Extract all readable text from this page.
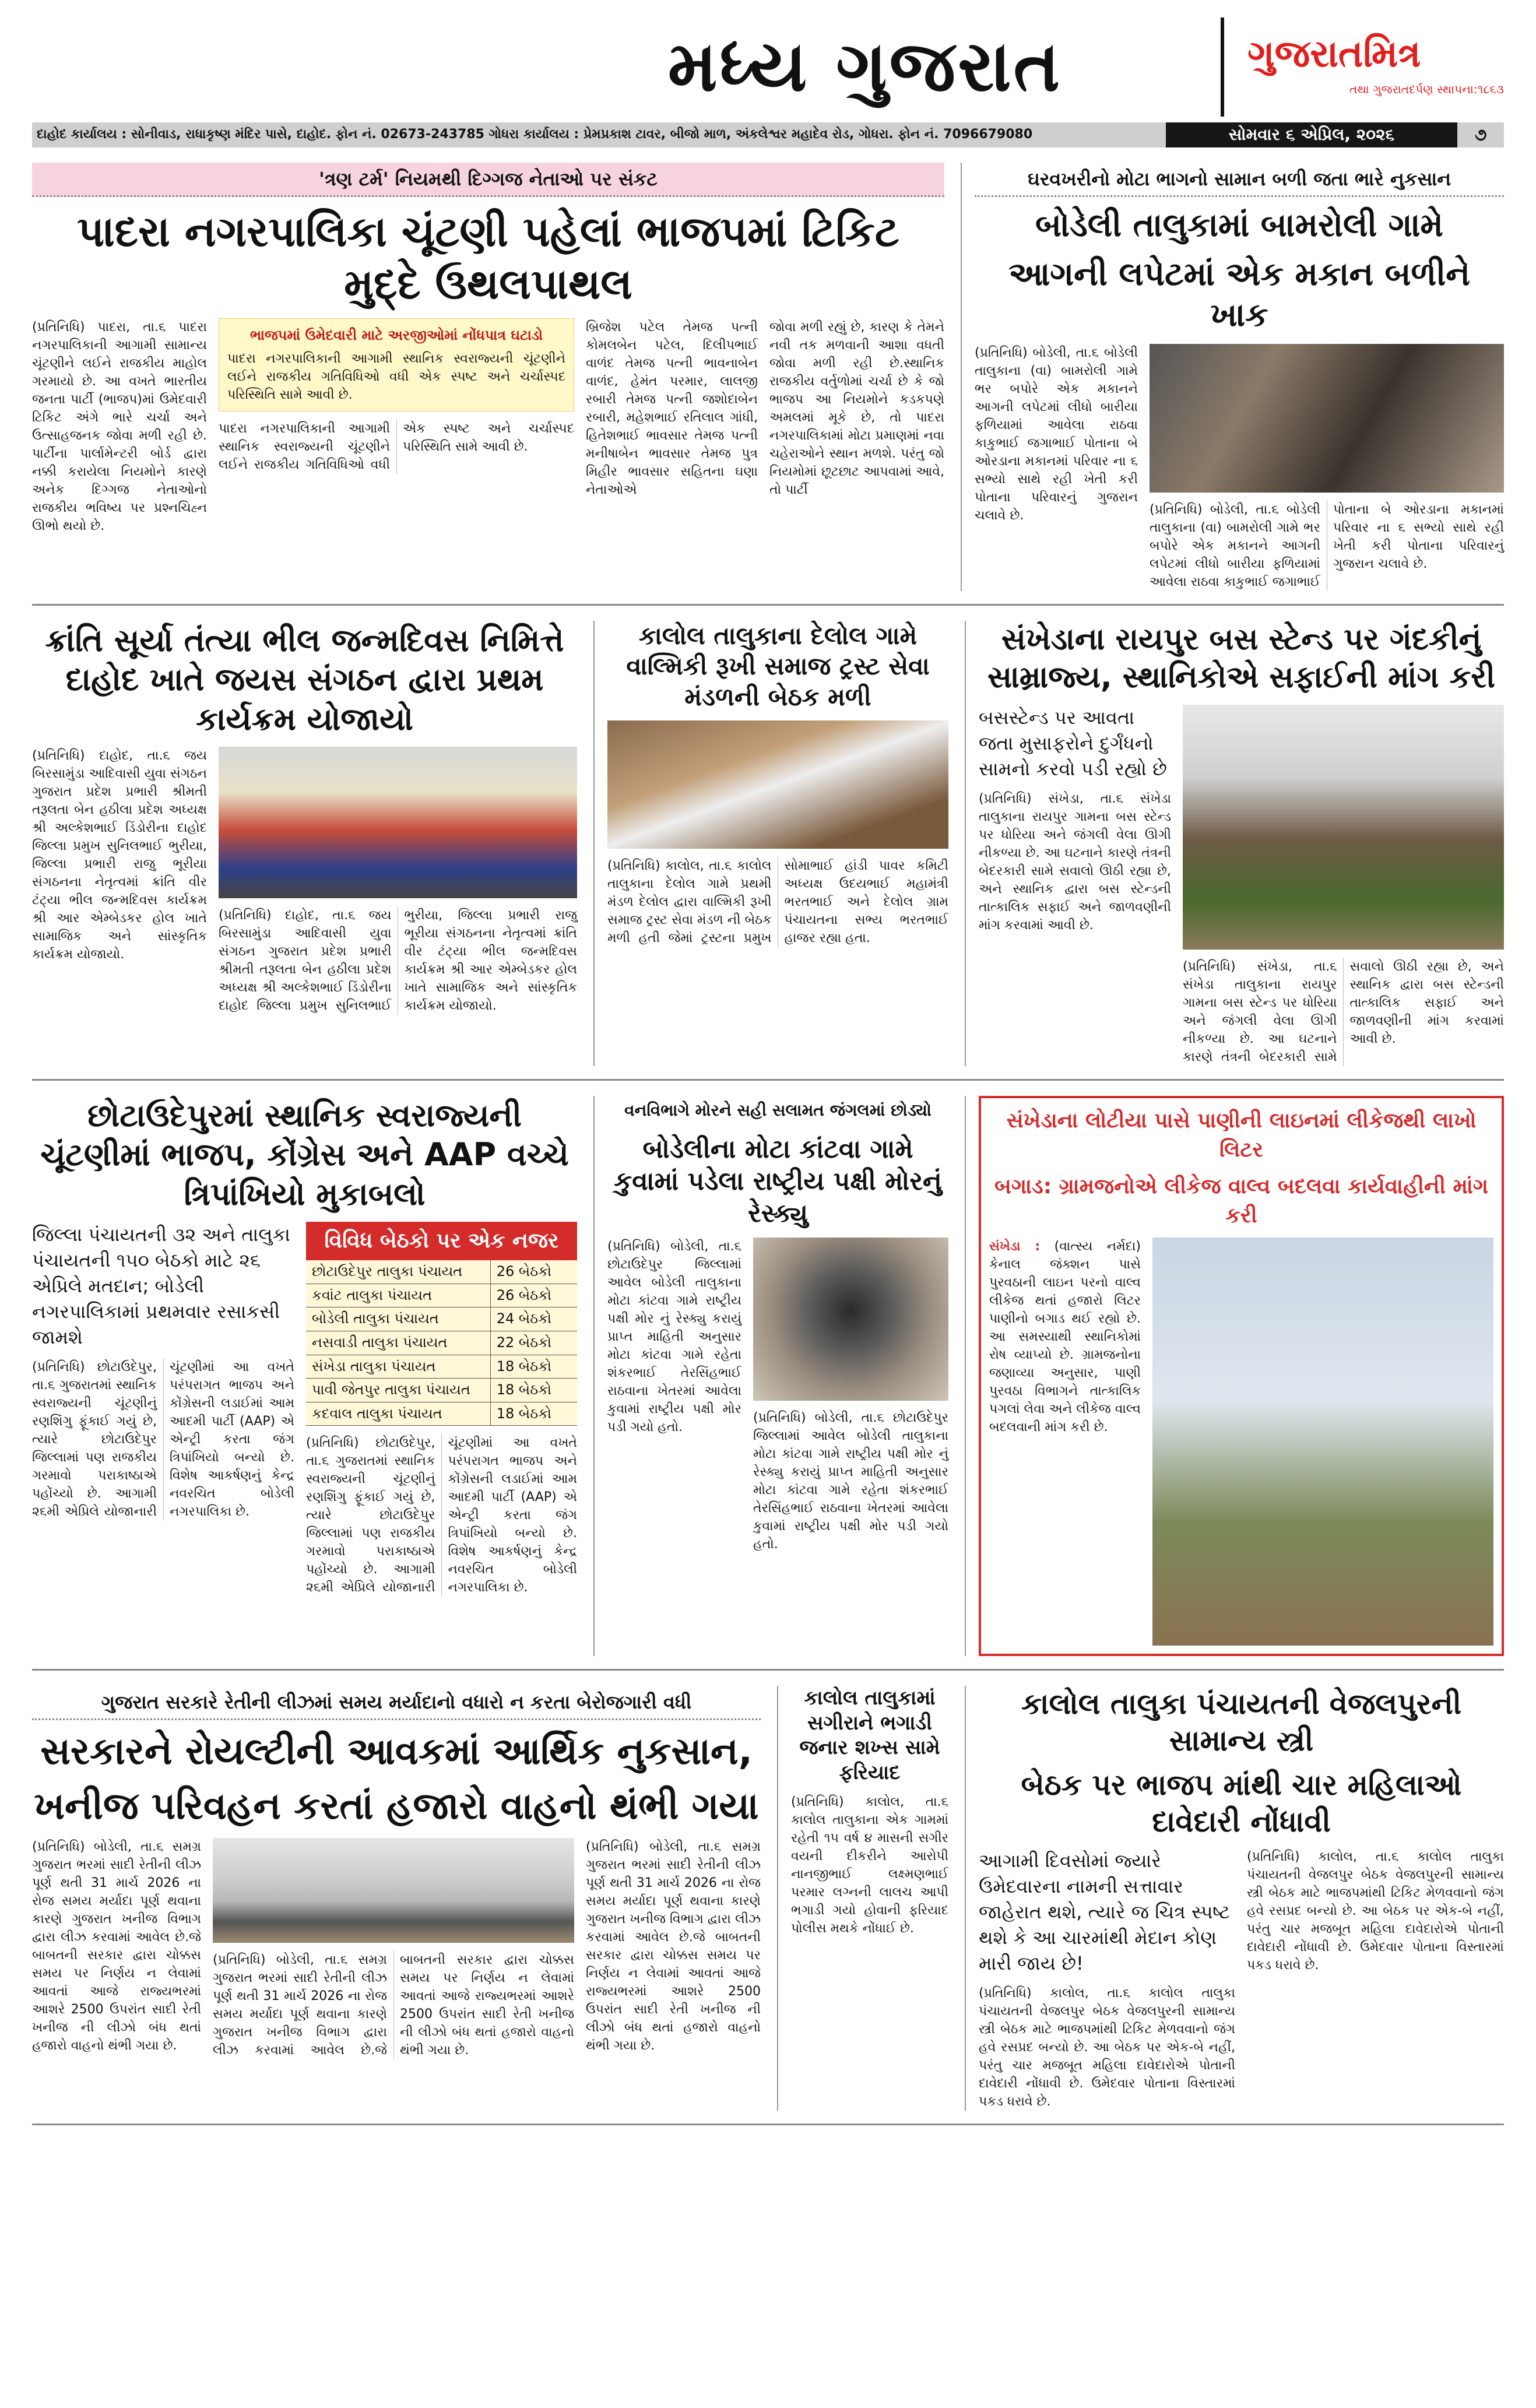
મધ્ય ગુજરાત	ગુજરાતમિત્ર
તથા ગુજરાતદર્પણ સ્થાપના:૧૮૬૩
દાહોદ કાર્યાલય : સોનીવાડ, રાધાકૃષ્ણ મંદિર પાસે, દાહોદ. ફોન નં. 02673-243785 ગોધરા કાર્યાલય : પ્રેમપ્રકાશ ટાવર, બીજો માળ, અંકલેશ્વર મહાદેવ રોડ, ગોધરા. ફોન નં. 7096679080	સોમવાર ૬ એપ્રિલ, ૨૦૨૬	૭
'ત્રણ ટર્મ' નિયમથી દિગ્ગજ નેતાઓ પર સંકટ
પાદરા નગરપાલિકા ચૂંટણી પહેલાં ભાજપમાં ટિકિટ મુદ્દે ઉથલપાથલ
(પ્રતિનિધિ) પાદરા, તા.૬ પાદરા નગરપાલિકાની આગામી સામાન્ય ચૂંટણીને લઈને રાજકીય માહોલ ગરમાયો છે. આ વખતે ભારતીય જનતા પાર્ટી (ભાજપ)માં ઉમેદવારી ટિકિટ અંગે ભારે ચર્ચા અને ઉત્સાહજનક જોવા મળી રહી છે. પાર્ટીના પાર્લામેન્ટરી બોર્ડ દ્વારા નક્કી કરાયેલા નિયમોને કારણે અનેક દિગ્ગજ નેતાઓનો રાજકીય ભવિષ્ય પર પ્રશ્નચિહ્ન ઊભો થયો છે.
ભાજપમાં ઉમેદવારી માટે અરજીઓમાં નોંધપાત્ર ઘટાડો
પાદરા નગરપાલિકાની આગામી સ્થાનિક સ્વરાજ્યની ચૂંટણીને લઈને રાજકીય ગતિવિધિઓ વધી એક સ્પષ્ટ અને ચર્ચાસ્પદ પરિસ્થિતિ સામે આવી છે.
પાદરા નગરપાલિકાની આગામી સ્થાનિક સ્વરાજ્યની ચૂંટણીને લઈને રાજકીય ગતિવિધિઓ વધી એક સ્પષ્ટ અને ચર્ચાસ્પદ પરિસ્થિતિ સામે આવી છે.
બ્રિજેશ પટેલ તેમજ પત્ની કોમલબેન પટેલ, દિલીપભાઈ વાળંદ તેમજ પત્ની ભાવનાબેન વાળંદ, હેમંત પરમાર, લાલજી રબારી તેમજ પત્ની જશોદાબેન રબારી, મહેશભાઈ રતિલાલ ગાંધી, હિતેશભાઈ ભાવસાર તેમજ પત્ની મનીષાબેન ભાવસાર તેમજ પુત્ર મિહીર ભાવસાર સહિતના ઘણા નેતાઓએ
જોવા મળી રહ્યું છે, કારણ કે તેમને નવી તક મળવાની આશા વધતી જોવા મળી રહી છે.સ્થાનિક રાજકીય વર્તુળોમાં ચર્ચા છે કે જો ભાજપ આ નિયમોને કડકપણે અમલમાં મૂકે છે, તો પાદરા નગરપાલિકામાં મોટા પ્રમાણમાં નવા ચહેરાઓને સ્થાન મળશે. પરંતુ જો નિયમોમાં છૂટછાટ આપવામાં આવે, તો પાર્ટી
ઘરવખરીનો મોટા ભાગનો સામાન બળી જતા ભારે નુકસાન
બોડેલી તાલુકામાં બામરોલી ગામે
આગની લપેટમાં એક મકાન બળીને ખાક
(પ્રતિનિધિ) બોડેલી, તા.૬ બોડેલી તાલુકાના (વા) બામરોલી ગામે ભર બપોરે એક મકાનને આગની લપેટમાં લીધો બારીયા ફળિયામાં આવેલા રાઠવા કાકુભાઈ જગાભાઈ પોતાના બે ઓરડાના મકાનમાં પરિવાર ના ૬ સભ્યો સાથે રહી ખેતી કરી પોતાના પરિવારનું ગુજરાન ચલાવે છે.	(પ્રતિનિધિ) બોડેલી, તા.૬ બોડેલી તાલુકાના (વા) બામરોલી ગામે ભર બપોરે એક મકાનને આગની લપેટમાં લીધો બારીયા ફળિયામાં આવેલા રાઠવા કાકુભાઈ જગાભાઈ પોતાના બે ઓરડાના મકાનમાં પરિવાર ના ૬ સભ્યો સાથે રહી ખેતી કરી પોતાના પરિવારનું ગુજરાન ચલાવે છે.
ક્રાંતિ સૂર્યા તંત્યા ભીલ જન્મદિવસ નિમિત્તે દાહોદ ખાતે જયસ સંગઠન દ્વારા પ્રથમ કાર્યક્રમ યોજાયો
(પ્રતિનિધિ) દાહોદ, તા.૬ જય બિરસામુંડા આદિવાસી યુવા સંગઠન ગુજરાત પ્રદેશ પ્રભારી શ્રીમતી તરૂલતા બેન હઠીલા પ્રદેશ અધ્યક્ષ શ્રી અલ્કેશભાઈ ડિંડોરીના દાહોદ જિલ્લા પ્રમુખ સુનિલભાઈ ભુરીયા, જિલ્લા પ્રભારી રાજુ ભૂરીયા સંગઠનના નેતૃત્વમાં ક્રાંતિ વીર ટંટ્યા ભીલ જન્મદિવસ કાર્યક્રમ શ્રી આર એમ્બેડકર હોલ ખાતે સામાજિક અને સાંસ્કૃતિક કાર્યક્રમ યોજાયો.
(પ્રતિનિધિ) દાહોદ, તા.૬ જય બિરસામુંડા આદિવાસી યુવા સંગઠન ગુજરાત પ્રદેશ પ્રભારી શ્રીમતી તરૂલતા બેન હઠીલા પ્રદેશ અધ્યક્ષ શ્રી અલ્કેશભાઈ ડિંડોરીના દાહોદ જિલ્લા પ્રમુખ સુનિલભાઈ ભુરીયા, જિલ્લા પ્રભારી રાજુ ભૂરીયા સંગઠનના નેતૃત્વમાં ક્રાંતિ વીર ટંટ્યા ભીલ જન્મદિવસ કાર્યક્રમ શ્રી આર એમ્બેડકર હોલ ખાતે સામાજિક અને સાંસ્કૃતિક કાર્યક્રમ યોજાયો.
કાલોલ તાલુકાના દેલોલ ગામે વાલ્મિકી રૂખી સમાજ ટ્રસ્ટ સેવા મંડળની બેઠક મળી
(પ્રતિનિધિ) કાલોલ, તા.૬ કાલોલ તાલુકાના દેલોલ ગામે પ્રથમી મંડળ દેલોલ દ્વારા વાલ્મિકી રૂખી સમાજ ટ્રસ્ટ સેવા મંડળ ની બેઠક મળી હતી જેમાં ટ્રસ્ટના પ્રમુખ સોમાભાઈ હાંડી પાવર કમિટી અધ્યક્ષ ઉદયભાઈ મહામંત્રી ભરતભાઈ અને દેલોલ ગ્રામ પંચાયતના સભ્ય ભરતભાઈ હાજર રહ્યા હતા.
સંખેડાના રાયપુર બસ સ્ટેન્ડ પર ગંદકીનું સામ્રાજ્ય, સ્થાનિકોએ સફાઈની માંગ કરી
બસસ્ટેન્ડ પર આવતા જતા મુસાફરોને દુર્ગંધનો સામનો કરવો પડી રહ્યો છે
(પ્રતિનિધિ) સંખેડા, તા.૬ સંખેડા તાલુકાના રાયપુર ગામના બસ સ્ટેન્ડ પર ધોરિયા અને જંગલી વેલા ઊગી નીકળ્યા છે. આ ઘટનાને કારણે તંત્રની બેદરકારી સામે સવાલો ઊઠી રહ્યા છે, અને સ્થાનિક દ્વારા બસ સ્ટેન્ડની તાત્કાલિક સફાઈ અને જાળવણીની માંગ કરવામાં આવી છે.
(પ્રતિનિધિ) સંખેડા, તા.૬ સંખેડા તાલુકાના રાયપુર ગામના બસ સ્ટેન્ડ પર ધોરિયા અને જંગલી વેલા ઊગી નીકળ્યા છે. આ ઘટનાને કારણે તંત્રની બેદરકારી સામે સવાલો ઊઠી રહ્યા છે, અને સ્થાનિક દ્વારા બસ સ્ટેન્ડની તાત્કાલિક સફાઈ અને જાળવણીની માંગ કરવામાં આવી છે.
છોટાઉદેપુરમાં સ્થાનિક સ્વરાજ્યની ચૂંટણીમાં ભાજપ, કોંગ્રેસ અને AAP વચ્ચે ત્રિપાંખિયો મુકાબલો
જિલ્લા પંચાયતની ૩૨ અને તાલુકા પંચાયતની ૧૫૦ બેઠકો માટે ૨૬ એપ્રિલે મતદાન; બોડેલી નગરપાલિકામાં પ્રથમવાર રસાકસી જામશે
(પ્રતિનિધિ) છોટાઉદેપુર, તા.૬ ગુજરાતમાં સ્થાનિક સ્વરાજ્યની ચૂંટણીનું રણશિંગુ ફૂંકાઈ ગયું છે, ત્યારે છોટાઉદેપુર જિલ્લામાં પણ રાજકીય ગરમાવો પરાકાષ્ઠાએ પહોંચ્યો છે. આગામી ૨૬મી એપ્રિલે યોજાનારી ચૂંટણીમાં આ વખતે પરંપરાગત ભાજપ અને કોંગ્રેસની લડાઈમાં આમ આદમી પાર્ટી (AAP) એ એન્ટ્રી કરતા જંગ ત્રિપાંખિયો બન્યો છે. વિશેષ આકર્ષણનું કેન્દ્ર નવરચિત બોડેલી નગરપાલિકા છે.
વિવિધ બેઠકો પર એક નજર
છોટાઉદેપુર તાલુકા પંચાયત	26 બેઠકો
કવાંટ તાલુકા પંચાયત	26 બેઠકો
બોડેલી તાલુકા પંચાયત	24 બેઠકો
નસવાડી તાલુકા પંચાયત	22 બેઠકો
સંખેડા તાલુકા પંચાયત	18 બેઠકો
પાવી જેતપુર તાલુકા પંચાયત	18 બેઠકો
કદવાલ તાલુકા પંચાયત	18 બેઠકો
(પ્રતિનિધિ) છોટાઉદેપુર, તા.૬ ગુજરાતમાં સ્થાનિક સ્વરાજ્યની ચૂંટણીનું રણશિંગુ ફૂંકાઈ ગયું છે, ત્યારે છોટાઉદેપુર જિલ્લામાં પણ રાજકીય ગરમાવો પરાકાષ્ઠાએ પહોંચ્યો છે. આગામી ૨૬મી એપ્રિલે યોજાનારી ચૂંટણીમાં આ વખતે પરંપરાગત ભાજપ અને કોંગ્રેસની લડાઈમાં આમ આદમી પાર્ટી (AAP) એ એન્ટ્રી કરતા જંગ ત્રિપાંખિયો બન્યો છે. વિશેષ આકર્ષણનું કેન્દ્ર નવરચિત બોડેલી નગરપાલિકા છે.
વનવિભાગે મોરને સહી સલામત જંગલમાં છોડ્યો
બોડેલીના મોટા કાંટવા ગામે કુવામાં પડેલા રાષ્ટ્રીય પક્ષી મોરનું રેસ્ક્યુ
(પ્રતિનિધિ) બોડેલી, તા.૬ છોટાઉદેપુર જિલ્લામાં આવેલ બોડેલી તાલુકાના મોટા કાંટવા ગામે રાષ્ટ્રીય પક્ષી મોર નું રેસ્ક્યુ કરાયું પ્રાપ્ત માહિતી અનુસાર મોટા કાંટવા ગામે રહેતા શંકરભાઈ તેરસિંહભાઈ રાઠવાના ખેતરમાં આવેલા કુવામાં રાષ્ટ્રીય પક્ષી મોર પડી ગયો હતો.
(પ્રતિનિધિ) બોડેલી, તા.૬ છોટાઉદેપુર જિલ્લામાં આવેલ બોડેલી તાલુકાના મોટા કાંટવા ગામે રાષ્ટ્રીય પક્ષી મોર નું રેસ્ક્યુ કરાયું પ્રાપ્ત માહિતી અનુસાર મોટા કાંટવા ગામે રહેતા શંકરભાઈ તેરસિંહભાઈ રાઠવાના ખેતરમાં આવેલા કુવામાં રાષ્ટ્રીય પક્ષી મોર પડી ગયો હતો.
સંખેડાના લોટીયા પાસે પાણીની લાઇનમાં લીકેજથી લાખો લિટર
બગાડ: ગ્રામજનોએ લીકેજ વાલ્વ બદલવા કાર્યવાહીની માંગ કરી
સંખેડા : (વાત્સ્ય નર્મદા) કેનાલ જંક્શન પાસે પુરવઠાની લાઇન પરનો વાલ્વ લીકેજ થતાં હજારો લિટર પાણીનો બગાડ થઈ રહ્યો છે. આ સમસ્યાથી સ્થાનિકોમાં રોષ વ્યાપ્યો છે. ગ્રામજનોના જણાવ્યા અનુસાર, પાણી પુરવઠા વિભાગને તાત્કાલિક પગલાં લેવા અને લીકેજ વાલ્વ બદલવાની માંગ કરી છે.
ગુજરાત સરકારે રેતીની લીઝમાં સમય મર્યાદાનો વધારો ન કરતા બેરોજગારી વધી
સરકારને રોયલ્ટીની આવકમાં આર્થિક નુકસાન,
ખનીજ પરિવહન કરતાં હજારો વાહનો થંભી ગયા
(પ્રતિનિધિ) બોડેલી, તા.૬ સમગ્ર ગુજરાત ભરમાં સાદી રેતીની લીઝ પૂર્ણ થતી 31 માર્ચ 2026 ના રોજ સમય મર્યાદા પૂર્ણ થવાના કારણે ગુજરાત ખનીજ વિભાગ દ્વારા લીઝ કરવામાં આવેલ છે.જે બાબતની સરકાર દ્વારા ચોક્કસ સમય પર નિર્ણય ન લેવામાં આવતાં આજે રાજ્યભરમાં આશરે 2500 ઉપરાંત સાદી રેતી ખનીજ ની લીઝો બંધ થતાં હજારો વાહનો થંભી ગયા છે.
(પ્રતિનિધિ) બોડેલી, તા.૬ સમગ્ર ગુજરાત ભરમાં સાદી રેતીની લીઝ પૂર્ણ થતી 31 માર્ચ 2026 ના રોજ સમય મર્યાદા પૂર્ણ થવાના કારણે ગુજરાત ખનીજ વિભાગ દ્વારા લીઝ કરવામાં આવેલ છે.જે બાબતની સરકાર દ્વારા ચોક્કસ સમય પર નિર્ણય ન લેવામાં આવતાં આજે રાજ્યભરમાં આશરે 2500 ઉપરાંત સાદી રેતી ખનીજ ની લીઝો બંધ થતાં હજારો વાહનો થંભી ગયા છે.
(પ્રતિનિધિ) બોડેલી, તા.૬ સમગ્ર ગુજરાત ભરમાં સાદી રેતીની લીઝ પૂર્ણ થતી 31 માર્ચ 2026 ના રોજ સમય મર્યાદા પૂર્ણ થવાના કારણે ગુજરાત ખનીજ વિભાગ દ્વારા લીઝ કરવામાં આવેલ છે.જે બાબતની સરકાર દ્વારા ચોક્કસ સમય પર નિર્ણય ન લેવામાં આવતાં આજે રાજ્યભરમાં આશરે 2500 ઉપરાંત સાદી રેતી ખનીજ ની લીઝો બંધ થતાં હજારો વાહનો થંભી ગયા છે.
કાલોલ તાલુકામાં સગીરાને ભગાડી જનાર શખ્સ સામે ફરિયાદ
(પ્રતિનિધિ) કાલોલ, તા.૬ કાલોલ તાલુકાના એક ગામમાં રહેતી ૧૫ વર્ષ ૪ માસની સગીર વયની દીકરીને આરોપી નાનજીભાઈ લક્ષ્મણભાઈ પરમાર લગ્નની લાલચ આપી ભગાડી ગયો હોવાની ફરિયાદ પોલીસ મથકે નોંધાઈ છે.
કાલોલ તાલુકા પંચાયતની વેજલપુરની સામાન્ય સ્ત્રી
બેઠક પર ભાજપ માંથી ચાર મહિલાઓ દાવેદારી નોંધાવી
આગામી દિવસોમાં જ્યારે ઉમેદવારના નામની સત્તાવાર જાહેરાત થશે, ત્યારે જ ચિત્ર સ્પષ્ટ થશે કે આ ચારમાંથી મેદાન કોણ મારી જાય છે!
(પ્રતિનિધિ) કાલોલ, તા.૬ કાલોલ તાલુકા પંચાયતની વેજલપુર બેઠક વેજલપુરની સામાન્ય સ્ત્રી બેઠક માટે ભાજપમાંથી ટિકિટ મેળવવાનો જંગ હવે રસપ્રદ બન્યો છે. આ બેઠક પર એક-બે નહીં, પરંતુ ચાર મજબૂત મહિલા દાવેદારોએ પોતાની દાવેદારી નોંધાવી છે. ઉમેદવાર પોતાના વિસ્તારમાં પકડ ધરાવે છે.
(પ્રતિનિધિ) કાલોલ, તા.૬ કાલોલ તાલુકા પંચાયતની વેજલપુર બેઠક વેજલપુરની સામાન્ય સ્ત્રી બેઠક માટે ભાજપમાંથી ટિકિટ મેળવવાનો જંગ હવે રસપ્રદ બન્યો છે. આ બેઠક પર એક-બે નહીં, પરંતુ ચાર મજબૂત મહિલા દાવેદારોએ પોતાની દાવેદારી નોંધાવી છે. ઉમેદવાર પોતાના વિસ્તારમાં પકડ ધરાવે છે.
